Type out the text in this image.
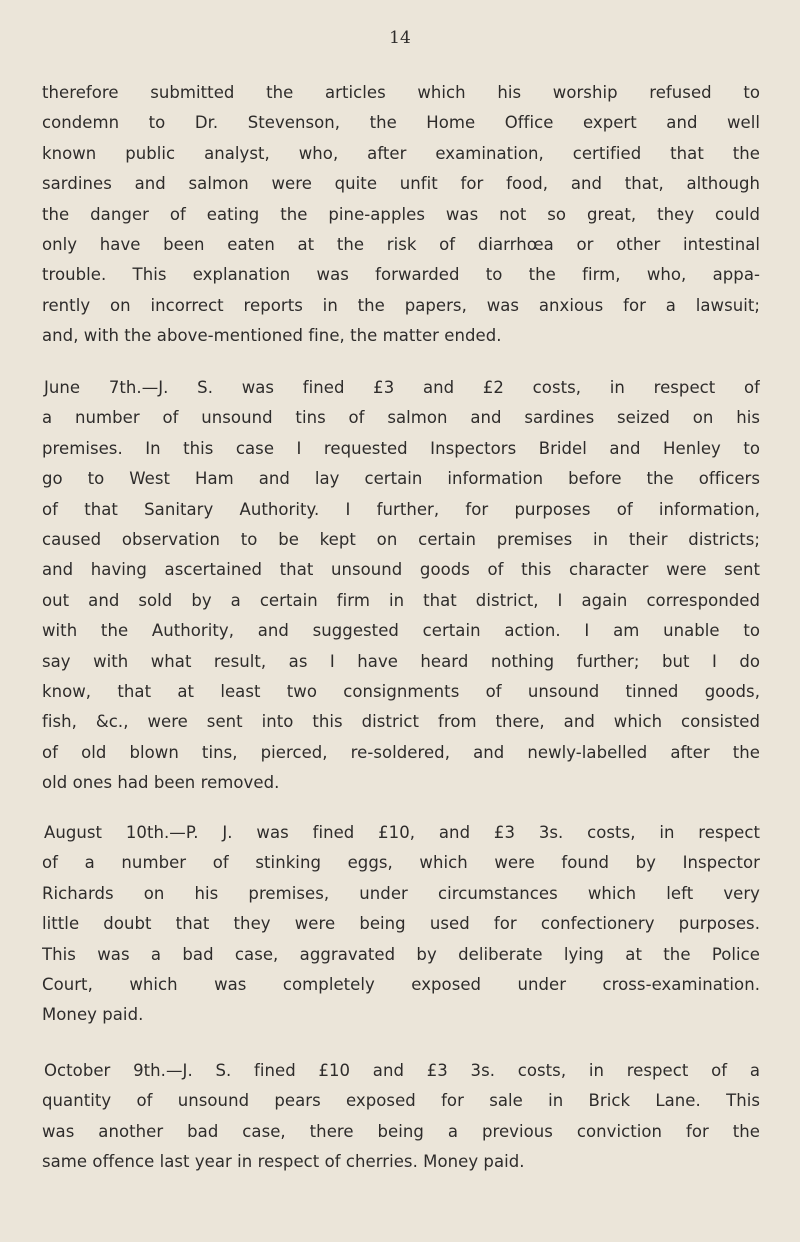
14
therefore submitted the articles which his worship refused to
condemn to Dr. Stevenson, the Home Office expert and well
known public analyst, who, after examination, certified that the
sardines and salmon were quite unfit for food, and that, although
the danger of eating the pine-apples was not so great, they could
only have been eaten at the risk of diarrhœa or other intestinal
trouble. This explanation was forwarded to the firm, who, appa-
rently on incorrect reports in the papers, was anxious for a lawsuit;
and, with the above-mentioned fine, the matter ended.
June 7th.—J. S. was fined £3 and £2 costs, in respect of
a number of unsound tins of salmon and sardines seized on his
premises. In this case I requested Inspectors Bridel and Henley to
go to West Ham and lay certain information before the officers
of that Sanitary Authority. I further, for purposes of information,
caused observation to be kept on certain premises in their districts;
and having ascertained that unsound goods of this character were sent
out and sold by a certain firm in that district, I again corresponded
with the Authority, and suggested certain action. I am unable to
say with what result, as I have heard nothing further; but I do
know, that at least two consignments of unsound tinned goods,
fish, &c., were sent into this district from there, and which consisted
of old blown tins, pierced, re-soldered, and newly-labelled after the
old ones had been removed.
August 10th.—P. J. was fined £10, and £3 3s. costs, in respect
of a number of stinking eggs, which were found by Inspector
Richards on his premises, under circumstances which left very
little doubt that they were being used for confectionery purposes.
This was a bad case, aggravated by deliberate lying at the Police
Court, which was completely exposed under cross-examination.
Money paid.
October 9th.—J. S. fined £10 and £3 3s. costs, in respect of a
quantity of unsound pears exposed for sale in Brick Lane. This
was another bad case, there being a previous conviction for the
same offence last year in respect of cherries. Money paid.
